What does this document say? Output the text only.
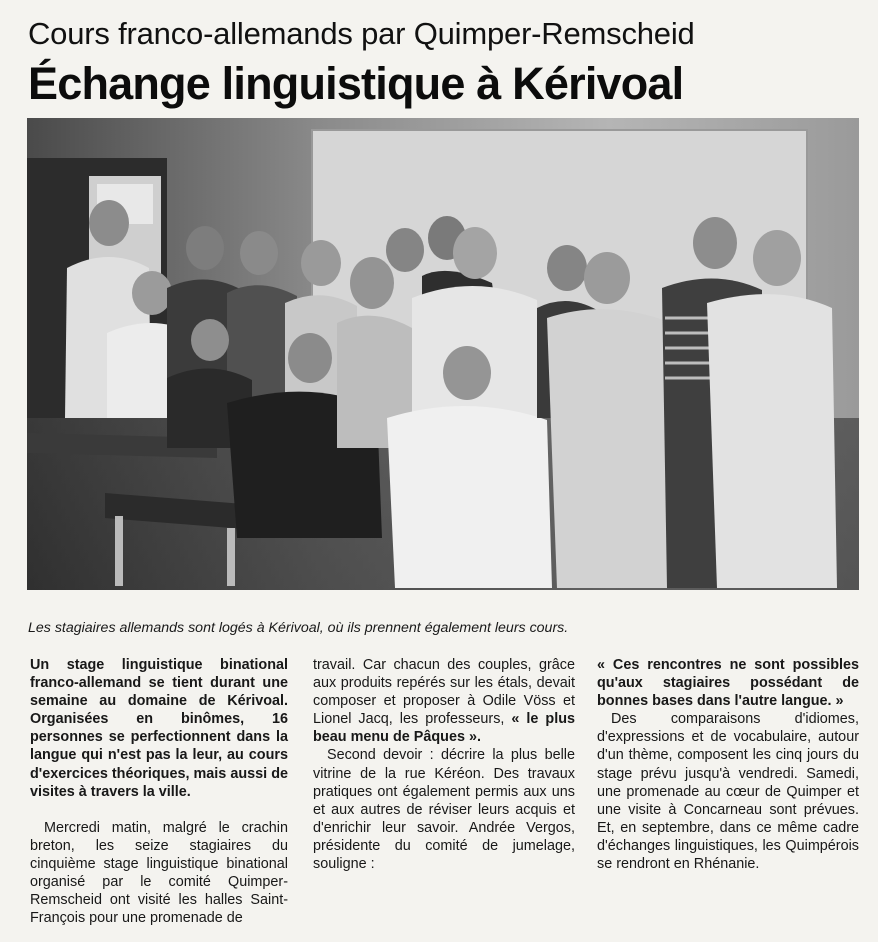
Cours franco-allemands par Quimper-Remscheid
Échange linguistique à Kérivoal
Les stagiaires allemands sont logés à Kérivoal, où ils prennent également leurs cours.

Un stage linguistique binational franco-allemand se tient durant une semaine au domaine de Kérivoal. Organisées en binômes, 16 personnes se perfectionnent dans la langue qui n'est pas la leur, au cours d'exercices théoriques, mais aussi de visites à travers la ville.

Mercredi matin, malgré le crachin breton, les seize stagiaires du cinquième stage linguistique binational organisé par le comité Quimper-Remscheid ont visité les halles Saint-François pour une promenade de

travail. Car chacun des couples, grâce aux produits repérés sur les étals, devait composer et proposer à Odile Vöss et Lionel Jacq, les professeurs, « le plus beau menu de Pâques ».

Second devoir : décrire la plus belle vitrine de la rue Kéréon. Des travaux pratiques ont également permis aux uns et aux autres de réviser leurs acquis et d'enrichir leur savoir. Andrée Vergos, présidente du comité de jumelage, souligne :

« Ces rencontres ne sont possibles qu'aux stagiaires possédant de bonnes bases dans l'autre langue. »

Des comparaisons d'idiomes, d'expressions et de vocabulaire, autour d'un thème, composent les cinq jours du stage prévu jusqu'à vendredi. Samedi, une promenade au cœur de Quimper et une visite à Concarneau sont prévues. Et, en septembre, dans ce même cadre d'échanges linguistiques, les Quimpérois se rendront en Rhénanie.
